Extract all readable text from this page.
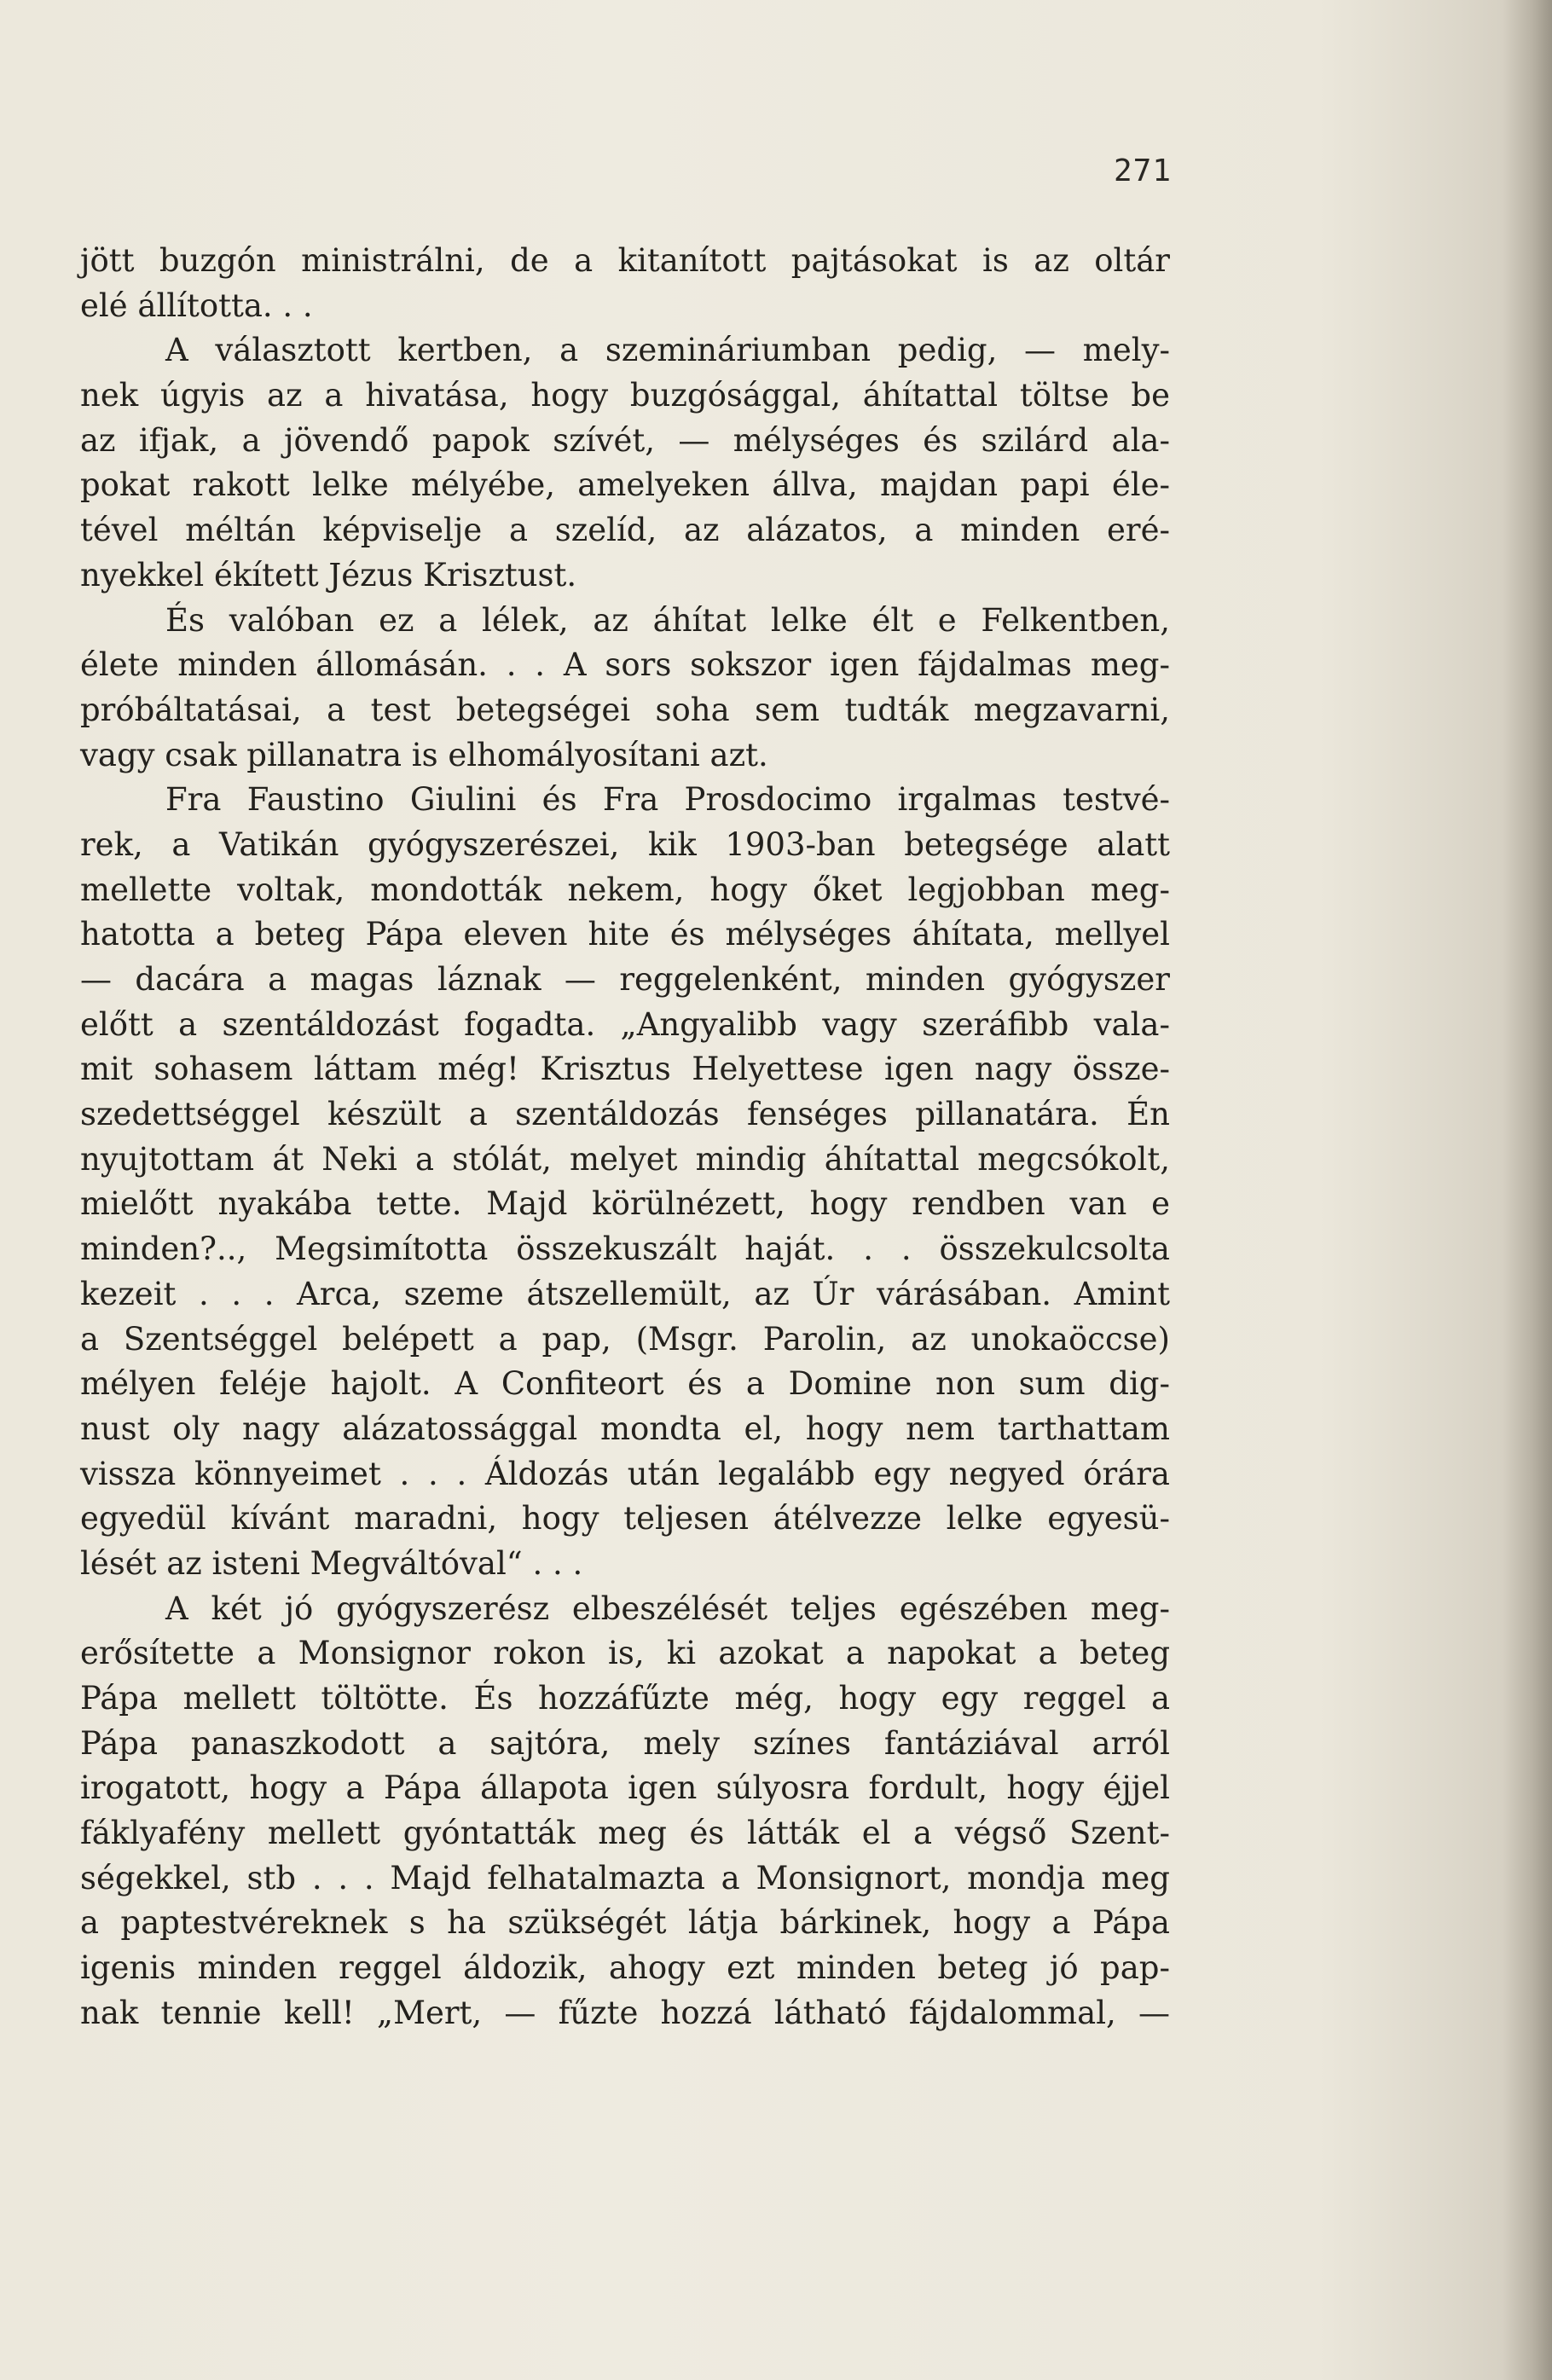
271
jött buzgón ministrálni, de a kitanított pajtásokat is az oltár
elé állította. . .
A választott kertben, a szemináriumban pedig, — mely-
nek úgyis az a hivatása, hogy buzgósággal, áhítattal töltse be
az ifjak, a jövendő papok szívét, — mélységes és szilárd ala-
pokat rakott lelke mélyébe, amelyeken állva, majdan papi éle-
tével méltán képviselje a szelíd, az alázatos, a minden eré-
nyekkel ékített Jézus Krisztust.
És valóban ez a lélek, az áhítat lelke élt e Felkentben,
élete minden állomásán. . . A sors sokszor igen fájdalmas meg-
próbáltatásai, a test betegségei soha sem tudták megzavarni,
vagy csak pillanatra is elhomályosítani azt.
Fra Faustino Giulini és Fra Prosdocimo irgalmas testvé-
rek, a Vatikán gyógyszerészei, kik 1903-ban betegsége alatt
mellette voltak, mondották nekem, hogy őket legjobban meg-
hatotta a beteg Pápa eleven hite és mélységes áhítata, mellyel
— dacára a magas láznak — reggelenként, minden gyógyszer
előtt a szentáldozást fogadta. „Angyalibb vagy szeráfibb vala-
mit sohasem láttam még! Krisztus Helyettese igen nagy össze-
szedettséggel készült a szentáldozás fenséges pillanatára. Én
nyujtottam át Neki a stólát, melyet mindig áhítattal megcsókolt,
mielőtt nyakába tette. Majd körülnézett, hogy rendben van e
minden?.., Megsimította összekuszált haját. . . összekulcsolta
kezeit . . . Arca, szeme átszellemült, az Úr várásában. Amint
a Szentséggel belépett a pap, (Msgr. Parolin, az unokaöccse)
mélyen feléje hajolt. A Confiteort és a Domine non sum dig-
nust oly nagy alázatossággal mondta el, hogy nem tarthattam
vissza könnyeimet . . . Áldozás után legalább egy negyed órára
egyedül kívánt maradni, hogy teljesen átélvezze lelke egyesü-
lését az isteni Megváltóval“ . . .
A két jó gyógyszerész elbeszélését teljes egészében meg-
erősítette a Monsignor rokon is, ki azokat a napokat a beteg
Pápa mellett töltötte. És hozzáfűzte még, hogy egy reggel a
Pápa panaszkodott a sajtóra, mely színes fantáziával arról
irogatott, hogy a Pápa állapota igen súlyosra fordult, hogy éjjel
fáklyafény mellett gyóntatták meg és látták el a végső Szent-
ségekkel, stb . . . Majd felhatalmazta a Monsignort, mondja meg
a paptestvéreknek s ha szükségét látja bárkinek, hogy a Pápa
igenis minden reggel áldozik, ahogy ezt minden beteg jó pap-
nak tennie kell! „Mert, — fűzte hozzá látható fájdalommal, —
